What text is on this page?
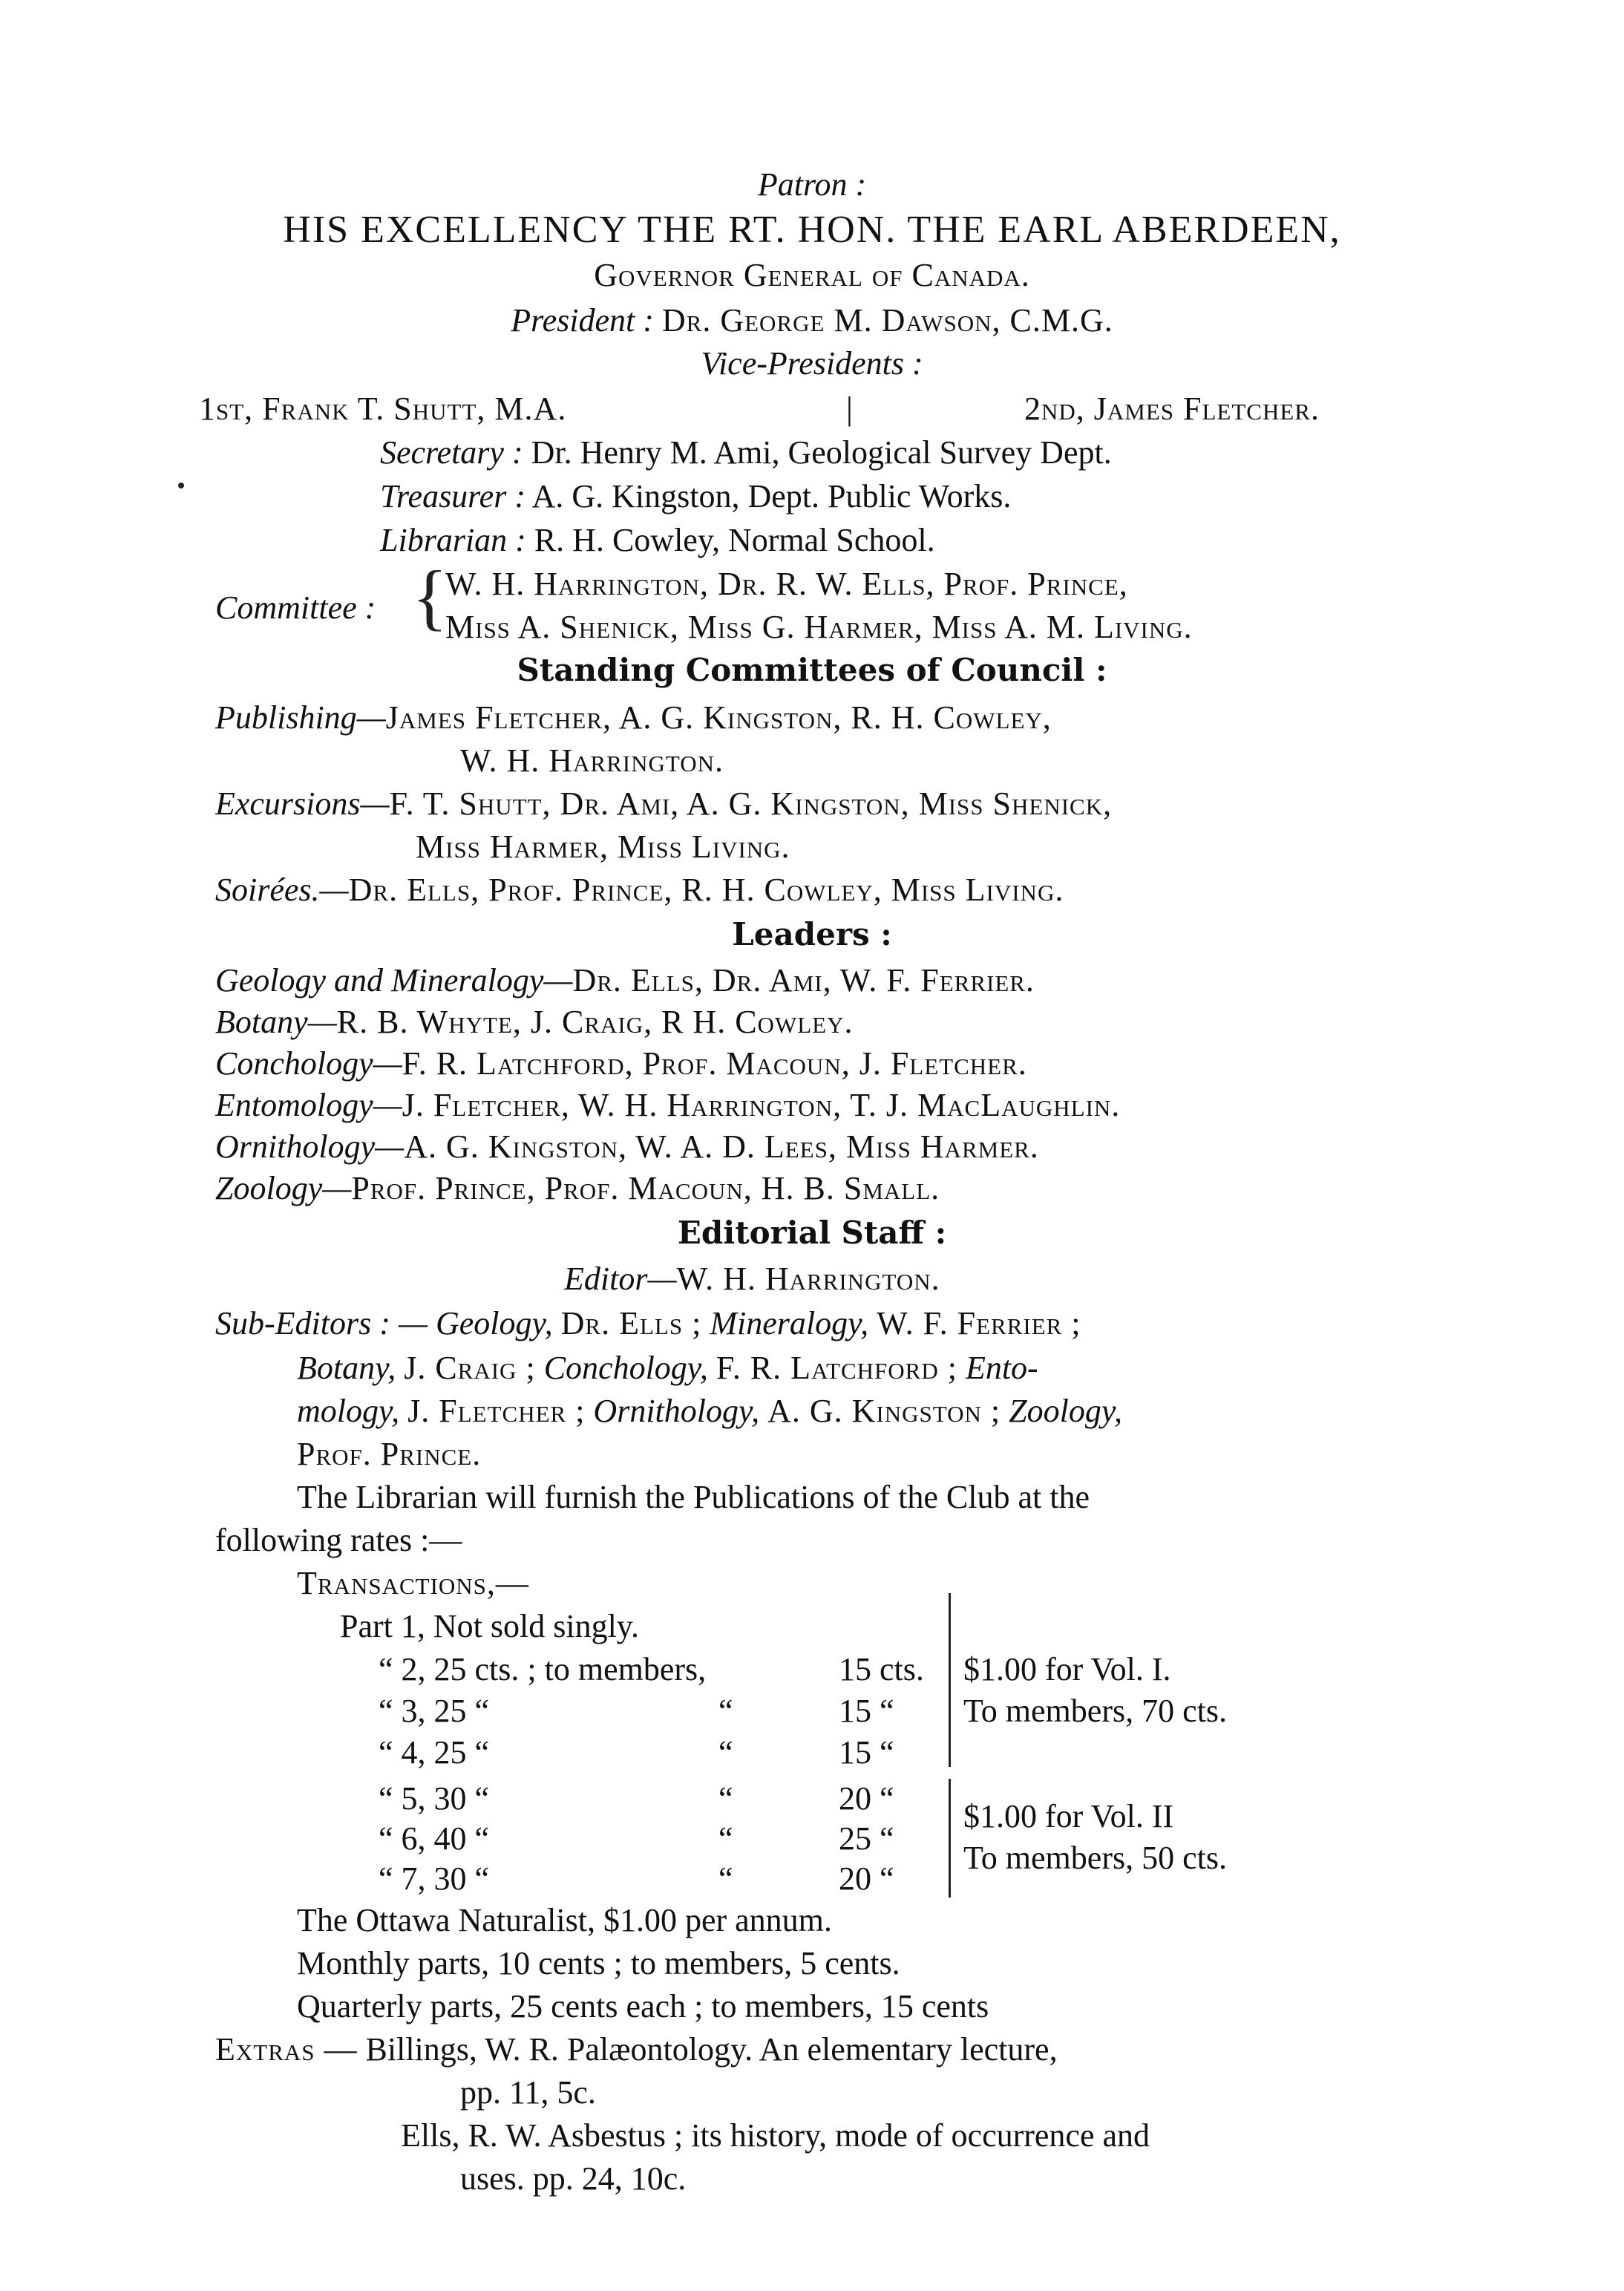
Patron :
HIS EXCELLENCY THE RT. HON. THE EARL ABERDEEN,
Governor General of Canada.
President : Dr. George M. Dawson, C.M.G.
Vice-Presidents :
1st, Frank T. Shutt, M.A.	|	2nd, James Fletcher.
Secretary : Dr. Henry M. Ami, Geological Survey Dept.
Treasurer : A. G. Kingston, Dept. Public Works.
Librarian : R. H. Cowley, Normal School.
Committee : {
W. H. Harrington, Dr. R. W. Ells, Prof. Prince,
Miss A. Shenick, Miss G. Harmer, Miss A. M. Living.
Standing Committees of Council :
Publishing—James Fletcher, A. G. Kingston, R. H. Cowley,
W. H. Harrington.
Excursions—F. T. Shutt, Dr. Ami, A. G. Kingston, Miss Shenick,
Miss Harmer, Miss Living.
Soirées.—Dr. Ells, Prof. Prince, R. H. Cowley, Miss Living.
Leaders :
Geology and Mineralogy—Dr. Ells, Dr. Ami, W. F. Ferrier.
Botany—R. B. Whyte, J. Craig, R H. Cowley.
Conchology—F. R. Latchford, Prof. Macoun, J. Fletcher.
Entomology—J. Fletcher, W. H. Harrington, T. J. MacLaughlin.
Ornithology—A. G. Kingston, W. A. D. Lees, Miss Harmer.
Zoology—Prof. Prince, Prof. Macoun, H. B. Small.
Editorial Staff :
Editor—W. H. Harrington.
Sub-Editors : — Geology, Dr. Ells ; Mineralogy, W. F. Ferrier ;
Botany, J. Craig ; Conchology, F. R. Latchford ; Ento-
mology, J. Fletcher ; Ornithology, A. G. Kingston ; Zoology,
Prof. Prince.
The Librarian will furnish the Publications of the Club at the
following rates :—
Transactions,—
Part 1, Not sold singly.
“ 2, 25 cts. ; to members,	15 cts.
“ 3, 25 “	“	15 “
“ 4, 25 “	“	15 “
“ 5, 30 “	“	20 “
“ 6, 40 “	“	25 “
“ 7, 30 “	“	20 “
$1.00 for Vol. I.
To members, 70 cts.
$1.00 for Vol. II
To members, 50 cts.
The Ottawa Naturalist, $1.00 per annum.
Monthly parts, 10 cents ; to members, 5 cents.
Quarterly parts, 25 cents each ; to members, 15 cents
Extras — Billings, W. R. Palæontology. An elementary lecture,
pp. 11, 5c.
Ells, R. W. Asbestus ; its history, mode of occurrence and
uses. pp. 24, 10c.
